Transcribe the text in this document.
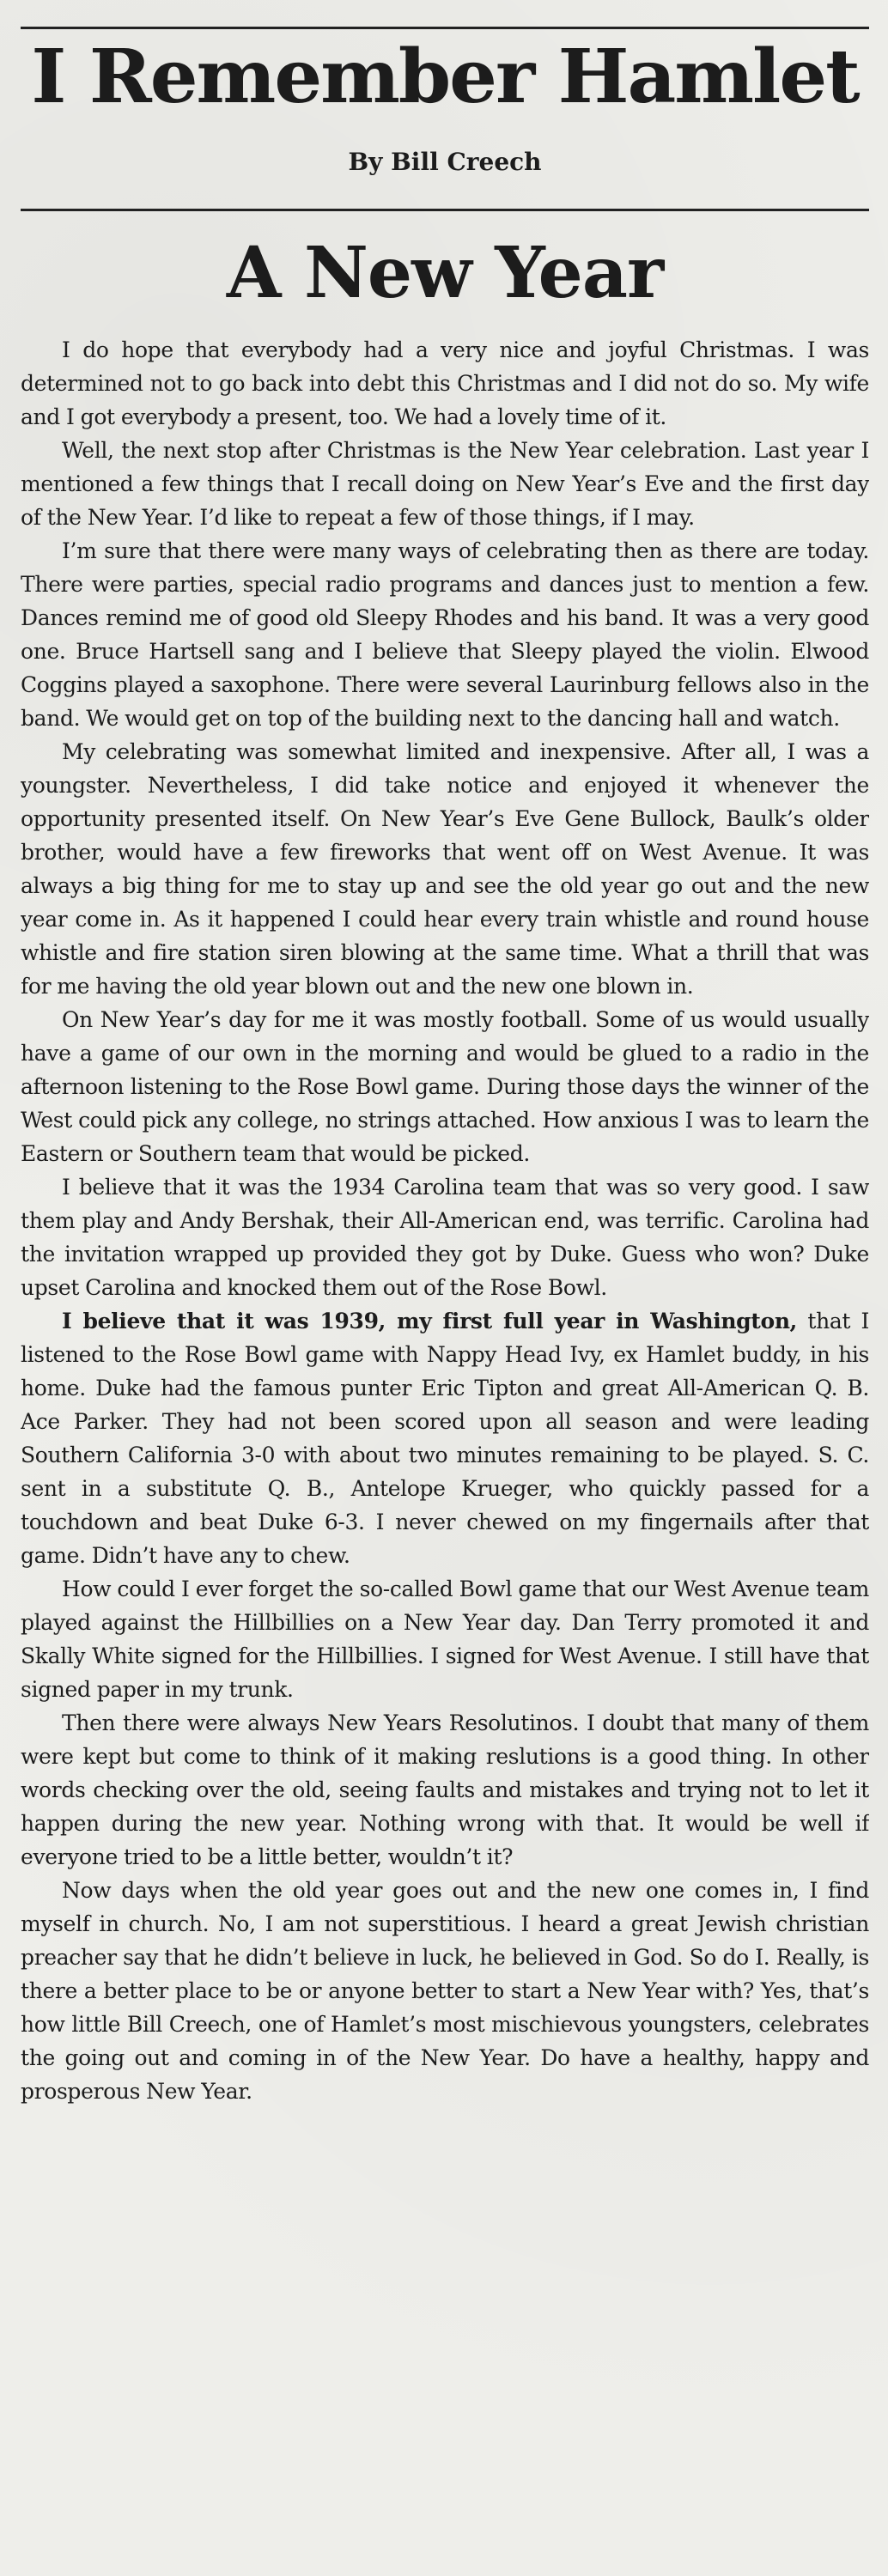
I Remember Hamlet
By Bill Creech
A New Year

I do hope that everybody had a very nice and joyful Christmas. I was determined not to go back into debt this Christmas and I did not do so. My wife and I got everybody a present, too. We had a lovely time of it.

Well, the next stop after Christmas is the New Year celebration. Last year I mentioned a few things that I recall doing on New Year’s Eve and the first day of the New Year. I’d like to repeat a few of those things, if I may.

I’m sure that there were many ways of celebrating then as there are today. There were parties, special radio programs and dances just to mention a few. Dances remind me of good old Sleepy Rhodes and his band. It was a very good one. Bruce Hartsell sang and I believe that Sleepy played the violin. Elwood Coggins played a saxophone. There were several Laurinburg fellows also in the band. We would get on top of the building next to the dancing hall and watch.

My celebrating was somewhat limited and inexpensive. After all, I was a youngster. Nevertheless, I did take notice and enjoyed it whenever the opportunity presented itself. On New Year’s Eve Gene Bullock, Baulk’s older brother, would have a few fireworks that went off on West Avenue. It was always a big thing for me to stay up and see the old year go out and the new year come in. As it happened I could hear every train whistle and round house whistle and fire station siren blowing at the same time. What a thrill that was for me having the old year blown out and the new one blown in.

On New Year’s day for me it was mostly football. Some of us would usually have a game of our own in the morning and would be glued to a radio in the afternoon listening to the Rose Bowl game. During those days the winner of the West could pick any college, no strings attached. How anxious I was to learn the Eastern or Southern team that would be picked.

I believe that it was the 1934 Carolina team that was so very good. I saw them play and Andy Bershak, their All-American end, was terrific. Carolina had the invitation wrapped up provided they got by Duke. Guess who won? Duke upset Carolina and knocked them out of the Rose Bowl.

I believe that it was 1939, my first full year in Washington, that I listened to the Rose Bowl game with Nappy Head Ivy, ex Hamlet buddy, in his home. Duke had the famous punter Eric Tipton and great All-American Q. B. Ace Parker. They had not been scored upon all season and were leading Southern California 3-0 with about two minutes remaining to be played. S. C. sent in a substitute Q. B., Antelope Krueger, who quickly passed for a touchdown and beat Duke 6-3. I never chewed on my fingernails after that game. Didn’t have any to chew.

How could I ever forget the so-called Bowl game that our West Avenue team played against the Hillbillies on a New Year day. Dan Terry promoted it and Skally White signed for the Hillbillies. I signed for West Avenue. I still have that signed paper in my trunk.

Then there were always New Years Resolutinos. I doubt that many of them were kept but come to think of it making reslutions is a good thing. In other words checking over the old, seeing faults and mistakes and trying not to let it happen during the new year. Nothing wrong with that. It would be well if everyone tried to be a little better, wouldn’t it?

Now days when the old year goes out and the new one comes in, I find myself in church. No, I am not superstitious. I heard a great Jewish christian preacher say that he didn’t believe in luck, he believed in God. So do I. Really, is there a better place to be or anyone better to start a New Year with? Yes, that’s how little Bill Creech, one of Hamlet’s most mischievous youngsters, celebrates the going out and coming in of the New Year. Do have a healthy, happy and prosperous New Year.
